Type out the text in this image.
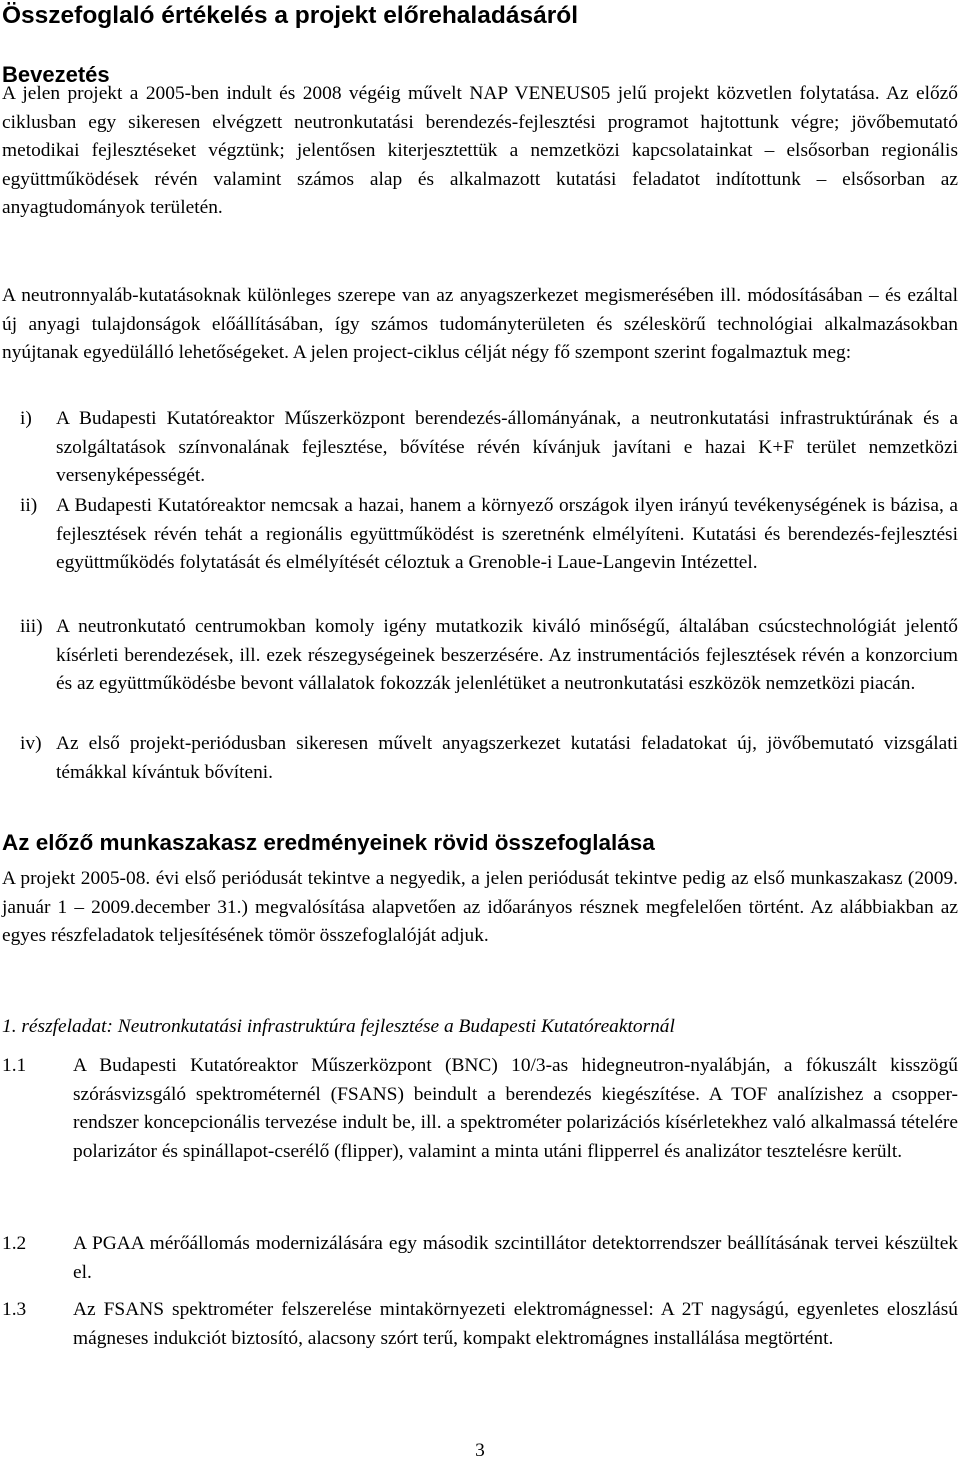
Összefoglaló értékelés a projekt előrehaladásáról
Bevezetés

A jelen projekt a 2005-ben indult és 2008 végéig művelt NAP VENEUS05 jelű projekt közvetlen folytatása. Az előző ciklusban egy sikeresen elvégzett neutronkutatási berendezés-fejlesztési programot hajtottunk végre; jövőbemutató metodikai fejlesztéseket végztünk; jelentősen kiterjesztettük a nemzetközi kapcsolatainkat – elsősorban regionális együttműködések révén valamint számos alap és alkalmazott kutatási feladatot indítottunk – elsősorban az anyagtudományok területén.

A neutronnyaláb-kutatásoknak különleges szerepe van az anyagszerkezet megismerésében ill. módosításában – és ezáltal új anyagi tulajdonságok előállításában, így számos tudományterületen és széleskörű technológiai alkalmazásokban nyújtanak egyedülálló lehetőségeket. A jelen project-ciklus célját négy fő szempont szerint fogalmaztuk meg:

i) A Budapesti Kutatóreaktor Műszerközpont berendezés-állományának, a neutronkutatási infrastruktúrának és a szolgáltatások színvonalának fejlesztése, bővítése révén kívánjuk javítani e hazai K+F terület nemzetközi versenyképességét.
ii) A Budapesti Kutatóreaktor nemcsak a hazai, hanem a környező országok ilyen irányú tevékenységének is bázisa, a fejlesztések révén tehát a regionális együttműködést is szeretnénk elmélyíteni. Kutatási és berendezés-fejlesztési együttműködés folytatását és elmélyítését céloztuk a Grenoble-i Laue-Langevin Intézettel.
iii) A neutronkutató centrumokban komoly igény mutatkozik kiváló minőségű, általában csúcstechnológiát jelentő kísérleti berendezések, ill. ezek részegységeinek beszerzésére. Az instrumentációs fejlesztések révén a konzorcium és az együttműködésbe bevont vállalatok fokozzák jelenlétüket a neutronkutatási eszközök nemzetközi piacán.
iv) Az első projekt-periódusban sikeresen művelt anyagszerkezet kutatási feladatokat új, jövőbemutató vizsgálati témákkal kívántuk bővíteni.
Az előző munkaszakasz eredményeinek rövid összefoglalása

A projekt 2005-08. évi első periódusát tekintve a negyedik, a jelen periódusát tekintve pedig az első munkaszakasz (2009. január 1 – 2009.december 31.) megvalósítása alapvetően az időarányos résznek megfelelően történt. Az alábbiakban az egyes részfeladatok teljesítésének tömör összefoglalóját adjuk.

1. részfeladat: Neutronkutatási infrastruktúra fejlesztése a Budapesti Kutatóreaktornál

1.1 A Budapesti Kutatóreaktor Műszerközpont (BNC) 10/3-as hidegneutron-nyalábján, a fókuszált kisszögű szórásvizsgáló spektrométernél (FSANS) beindult a berendezés kiegészítése. A TOF analízishez a csopper-rendszer koncepcionális tervezése indult be, ill. a spektrométer polarizációs kísérletekhez való alkalmassá tételére polarizátor és spinállapot-cserélő (flipper), valamint a minta utáni flipperrel és analizátor tesztelésre került.
1.2 A PGAA mérőállomás modernizálására egy második szcintillátor detektorrendszer beállításának tervei készültek el.
1.3 Az FSANS spektrométer felszerelése mintakörnyezeti elektromágnessel: A 2T nagyságú, egyenletes eloszlású mágneses indukciót biztosító, alacsony szórt terű, kompakt elektromágnes installálása megtörtént.
3
